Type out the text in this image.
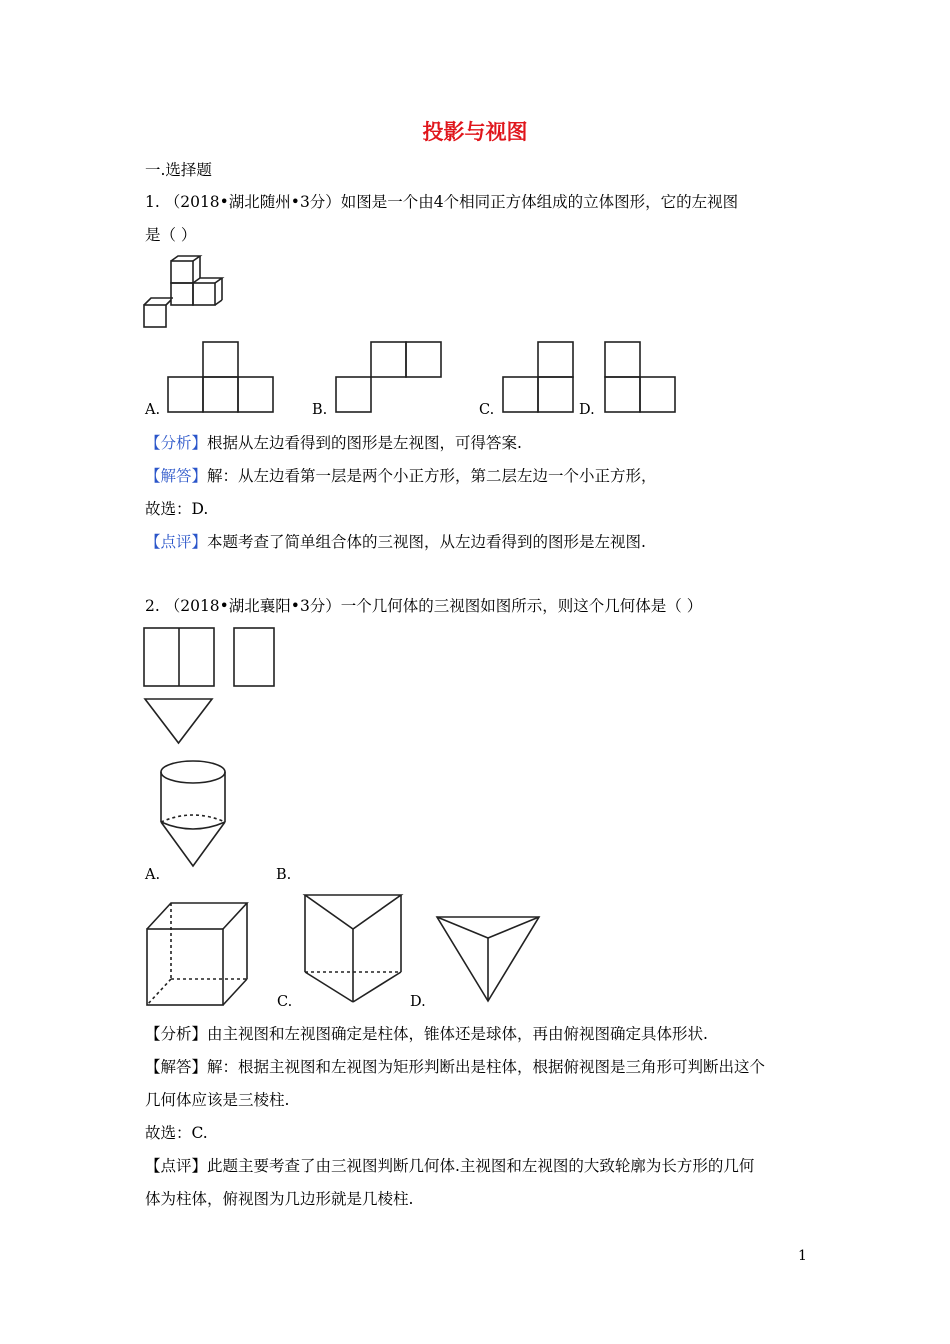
投影与视图
一.选择题
1. （2018•湖北随州•3分）如图是一个由4个相同正方体组成的立体图形，它的左视图
是（ ）
A.	B.	C.	D.
【分析】根据从左边看得到的图形是左视图，可得答案.
【解答】解：从左边看第一层是两个小正方形，第二层左边一个小正方形，
故选：D.
【点评】本题考查了简单组合体的三视图，从左边看得到的图形是左视图.
2. （2018•湖北襄阳•3分）一个几何体的三视图如图所示，则这个几何体是（ ）
A.	B.
C.	D.
【分析】由主视图和左视图确定是柱体，锥体还是球体，再由俯视图确定具体形状.
【解答】解：根据主视图和左视图为矩形判断出是柱体，根据俯视图是三角形可判断出这个
几何体应该是三棱柱.
故选：C.
【点评】此题主要考查了由三视图判断几何体.主视图和左视图的大致轮廓为长方形的几何
体为柱体，俯视图为几边形就是几棱柱.
1
